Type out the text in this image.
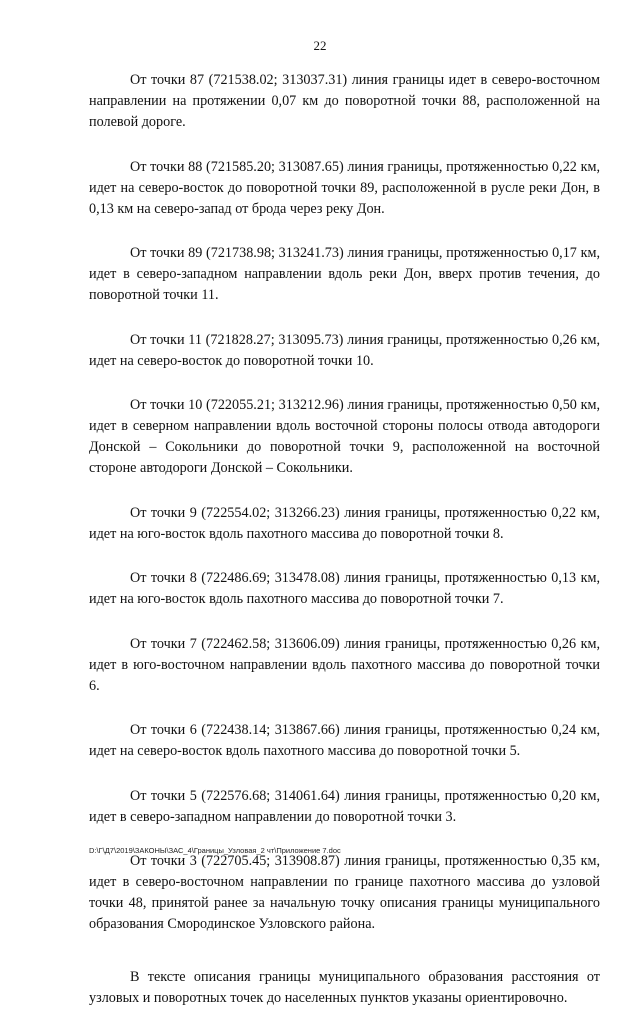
22

От точки 87 (721538.02; 313037.31) линия границы идет в северо-восточном направлении на протяжении 0,07 км до поворотной точки 88, расположенной на полевой дороге.

От точки 88 (721585.20; 313087.65) линия границы, протяженностью 0,22 км, идет на северо-восток до поворотной точки 89, расположенной в русле реки Дон, в 0,13 км на северо-запад от брода через реку Дон.

От точки 89 (721738.98; 313241.73) линия границы, протяженностью 0,17 км, идет в северо-западном направлении вдоль реки Дон, вверх против течения, до поворотной точки 11.

От точки 11 (721828.27; 313095.73) линия границы, протяженностью 0,26 км, идет на северо-восток до поворотной точки 10.

От точки 10 (722055.21; 313212.96) линия границы, протяженностью 0,50 км, идет в северном направлении вдоль восточной стороны полосы отвода автодороги Донской – Сокольники до поворотной точки 9, расположенной на восточной стороне автодороги Донской – Сокольники.

От точки 9 (722554.02; 313266.23) линия границы, протяженностью 0,22 км, идет на юго-восток вдоль пахотного массива до поворотной точки 8.

От точки 8 (722486.69; 313478.08) линия границы, протяженностью 0,13 км, идет на юго-восток вдоль пахотного массива до поворотной точки 7.

От точки 7 (722462.58; 313606.09) линия границы, протяженностью 0,26 км, идет в юго-восточном направлении вдоль пахотного массива до поворотной точки 6.

От точки 6 (722438.14; 313867.66) линия границы, протяженностью 0,24 км, идет на северо-восток вдоль пахотного массива до поворотной точки 5.

От точки 5 (722576.68; 314061.64) линия границы, протяженностью 0,20 км, идет в северо-западном направлении до поворотной точки 3.

От точки 3 (722705.45; 313908.87) линия границы, протяженностью 0,35 км, идет в северо-восточном направлении по границе пахотного массива до узловой точки 48, принятой ранее за начальную точку описания границы муниципального образования Смородинское Узловского района.

В тексте описания границы муниципального образования расстояния от узловых и поворотных точек до населенных пунктов указаны ориентировочно.

D:\Г\Д7\2019\ЗАКОНЫ\ЗАС_4\Границы_Узловая_2 чт\Приложение 7.doc
